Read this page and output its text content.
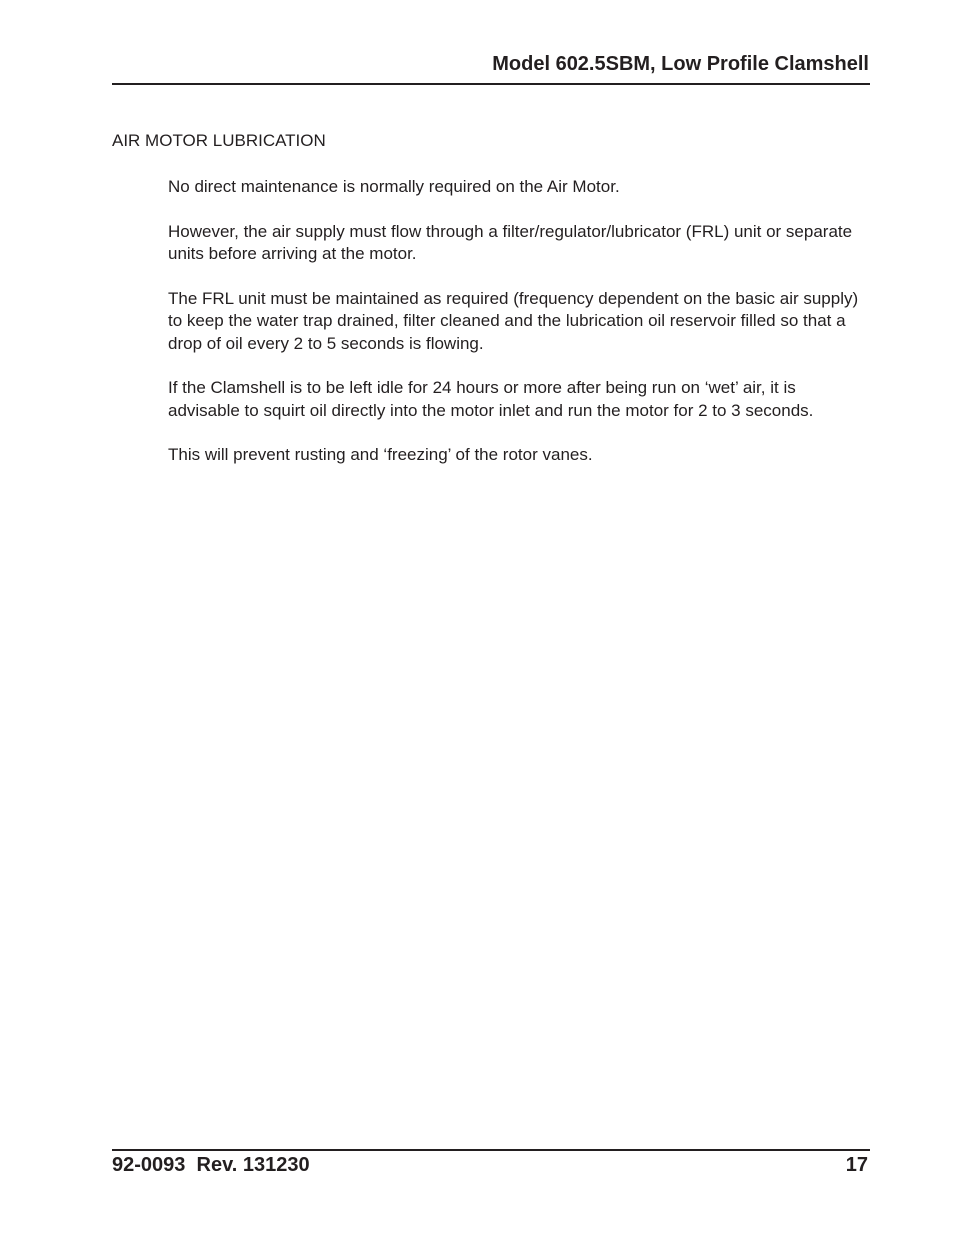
Model 602.5SBM, Low Profile Clamshell
AIR MOTOR LUBRICATION

No direct maintenance is normally required on the Air Motor.

However, the air supply must flow through a filter/regulator/lubricator (FRL) unit or separate units before arriving at the motor.

The FRL unit must be maintained as required (frequency dependent on the basic air supply) to keep the water trap drained, filter cleaned and the lubrication oil reservoir filled so that a drop of oil every 2 to 5 seconds is flowing.

If the Clamshell is to be left idle for 24 hours or more after being run on ‘wet’ air, it is advisable to squirt oil directly into the motor inlet and run the motor for 2 to 3 seconds.

This will prevent rusting and ‘freezing’ of the rotor vanes.

92-0093  Rev. 131230	17
